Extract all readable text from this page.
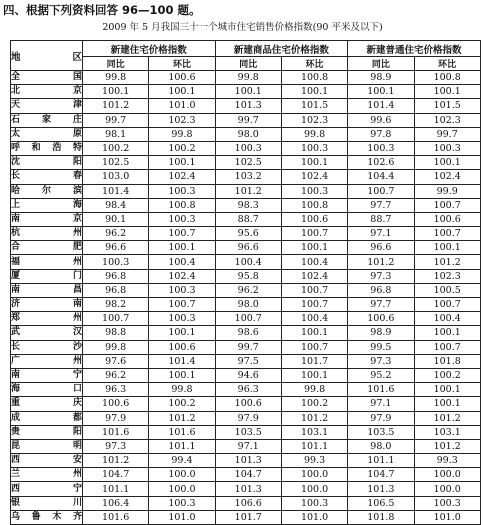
四、根据下列资料回答 96—100 题。
2009 年 5 月我国三十一个城市住宅销售价格指数(90 平米及以下)
地 区	新建住宅价格指数		新建商品住宅价格指数		新建普通住宅价格指数	
	同比	环比	同比	环比	同比	环比
全国	99.8	100.6	99.8	100.8	98.9	100.8
北京	100.1	100.1	100.1	100.1	100.1	100.1
天津	101.2	101.0	101.3	101.5	101.4	101.5
石家庄	99.7	102.3	99.7	102.3	99.6	102.3
太原	98.1	99.8	98.0	99.8	97.8	99.7
呼和浩特	100.2	100.2	100.3	100.3	100.3	100.3
沈阳	102.5	100.1	102.5	100.1	102.6	100.1
长春	103.0	102.4	103.2	102.4	104.4	102.4
哈尔滨	101.4	100.3	101.2	100.3	100.7	99.9
上海	98.4	100.8	98.3	100.8	97.7	100.7
南京	90.1	100.3	88.7	100.6	88.7	100.6
杭州	96.2	100.7	95.6	100.7	97.1	100.7
合肥	96.6	100.1	96.6	100.1	96.6	100.1
福州	100.3	100.4	100.4	100.4	101.2	101.2
厦门	96.8	102.4	95.8	102.4	97.3	102.3
南昌	96.8	100.3	96.2	100.7	96.8	100.5
济南	98.2	100.7	98.0	100.7	97.7	100.7
郑州	100.7	100.3	100.7	100.4	100.6	100.4
武汉	98.8	100.1	98.6	100.1	98.9	100.1
长沙	99.8	100.6	99.7	100.7	99.5	100.7
广州	97.6	101.4	97.5	101.7	97.3	101.8
南宁	96.2	100.1	94.6	100.1	95.2	100.2
海口	96.3	99.8	96.3	99.8	101.6	100.1
重庆	100.6	100.2	100.6	100.2	97.1	100.1
成都	97.9	101.2	97.9	101.2	97.9	101.2
贵阳	101.6	101.6	103.5	103.1	103.5	103.1
昆明	97.3	101.1	97.1	101.1	98.0	101.2
西安	101.2	99.4	101.3	99.3	101.1	99.3
兰州	104.7	100.0	104.7	100.0	104.7	100.0
西宁	101.1	100.0	101.3	100.0	101.3	100.0
银川	106.4	100.3	106.6	100.3	106.5	100.3
乌鲁木齐	101.6	101.0	101.7	101.0	101.8	101.0
